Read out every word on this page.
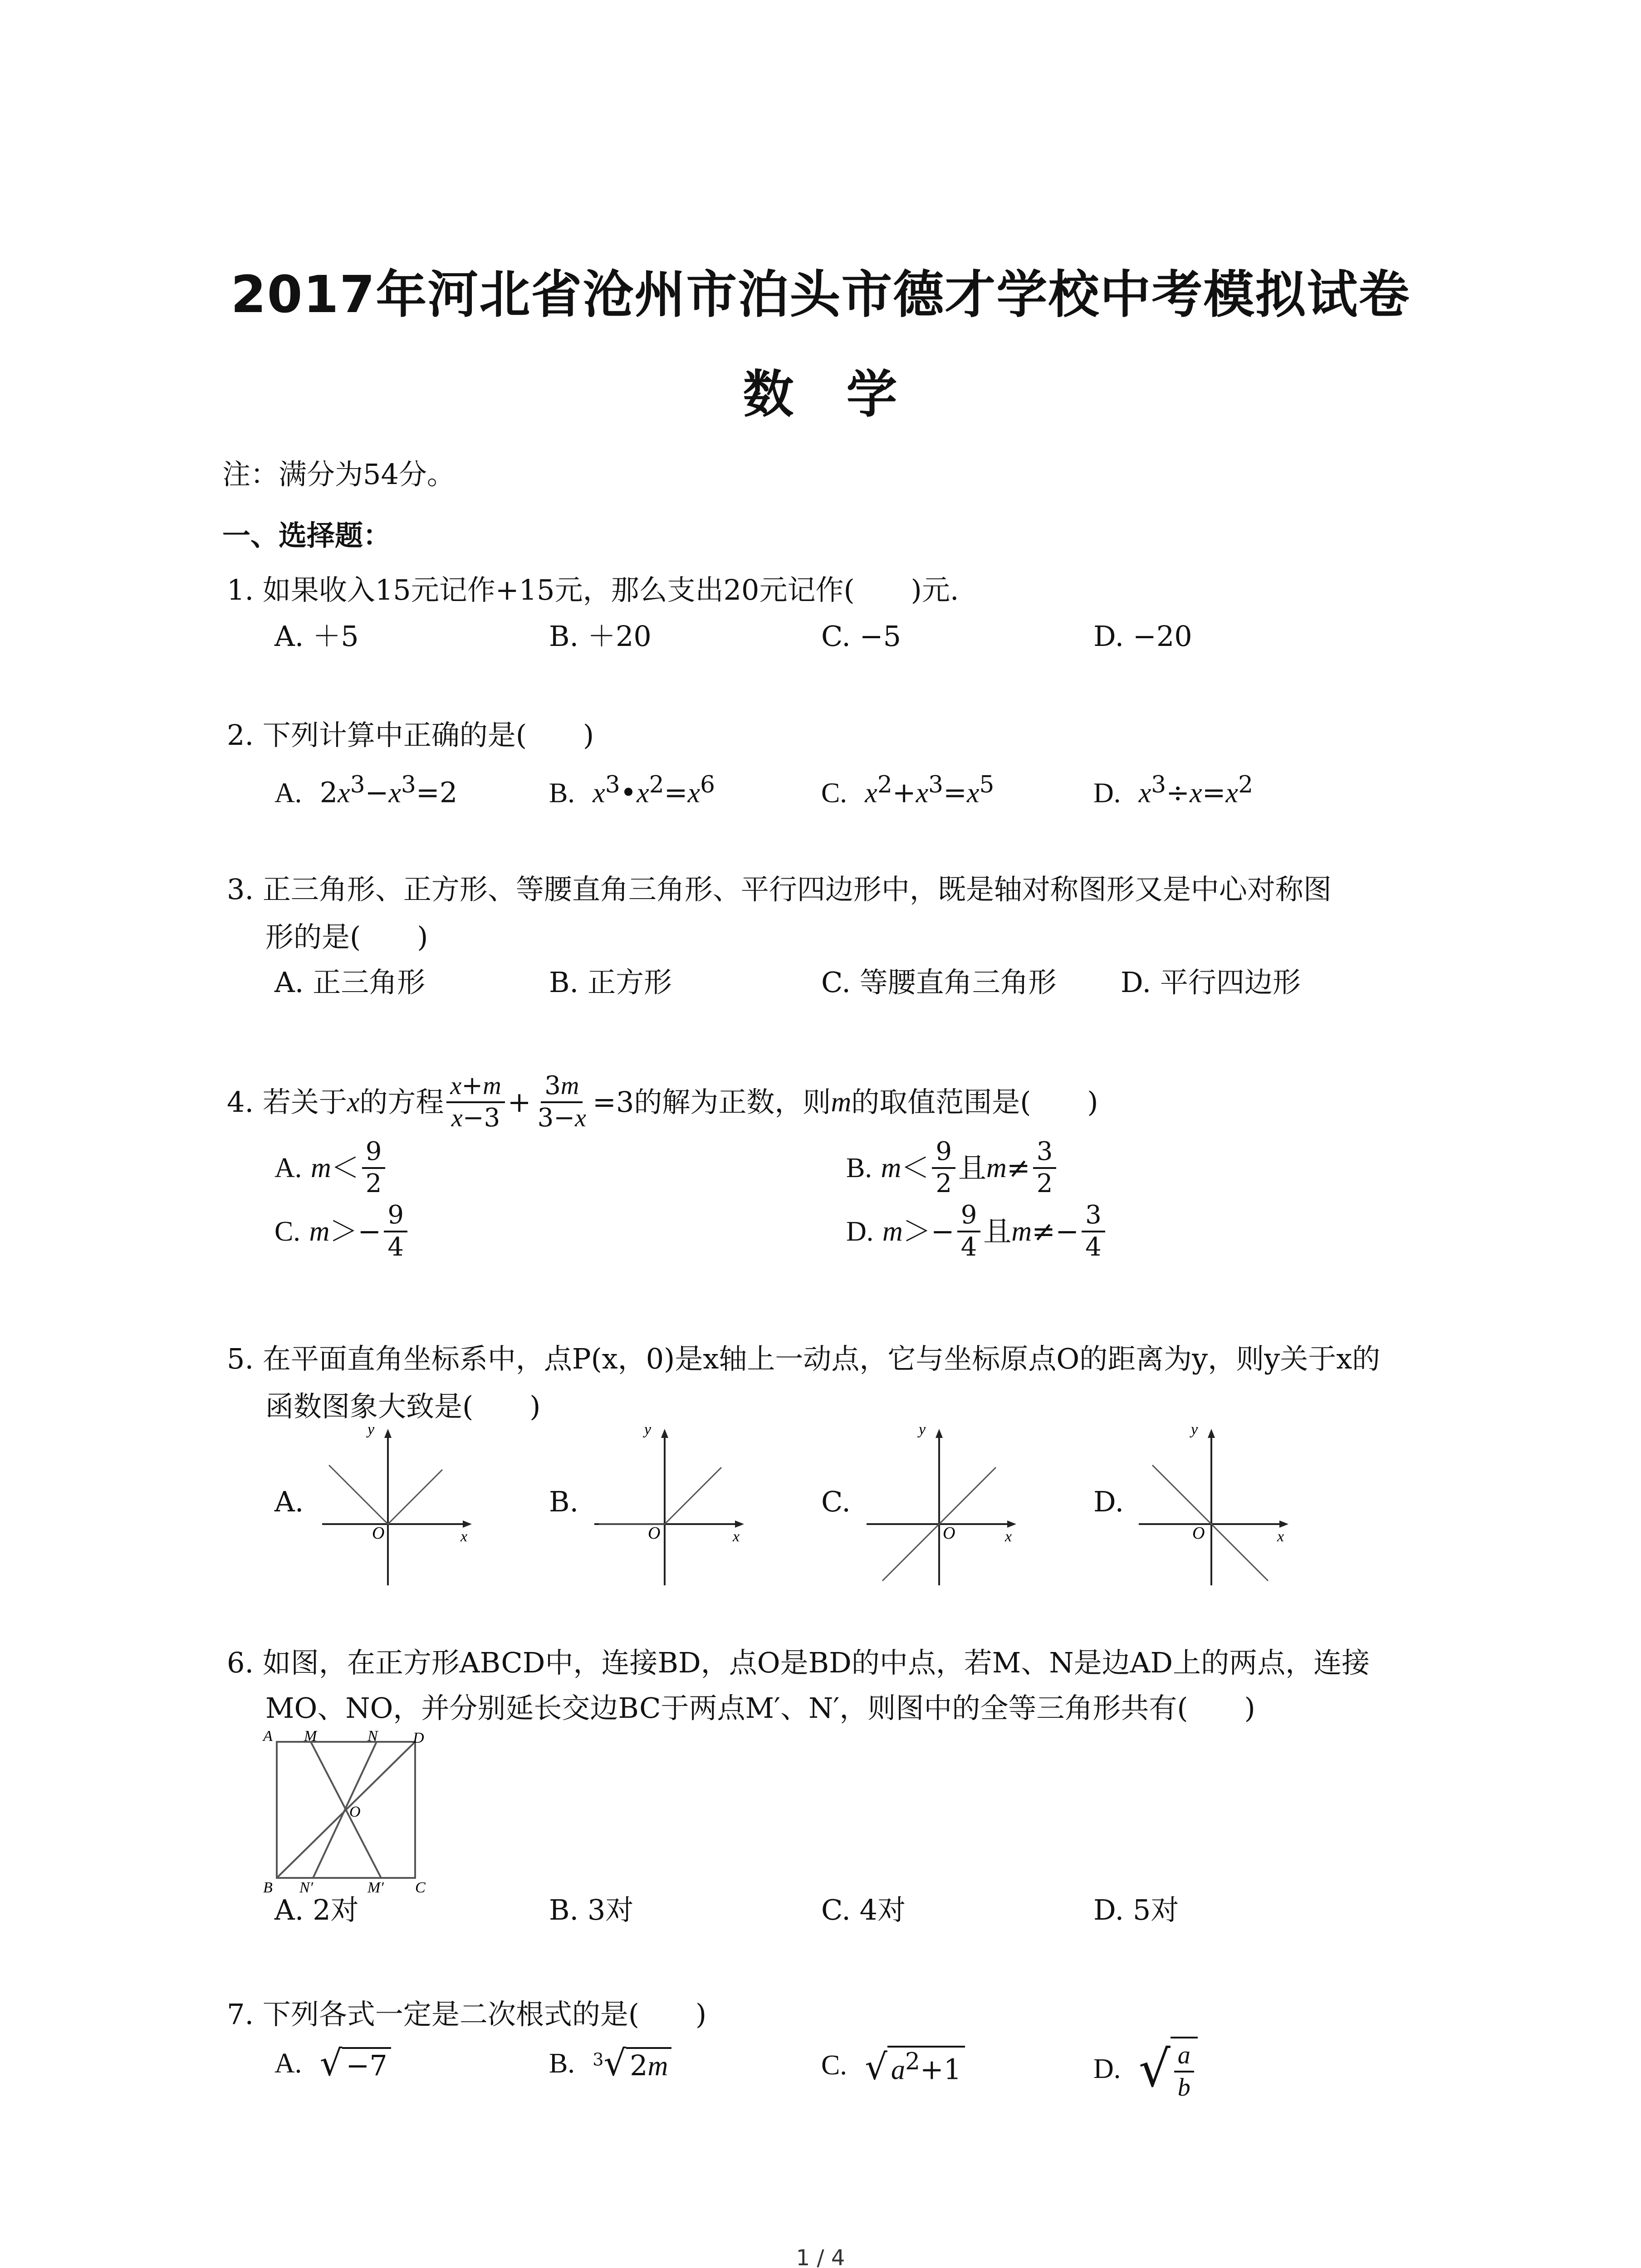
2017年河北省沧州市泊头市德才学校中考模拟试卷
数　学
注：满分为54分。
一、选择题：
1. 如果收入15元记作+15元，那么支出20元记作(　　)元.
A. ＋5	B. ＋20	C. −5	D. −20
2. 下列计算中正确的是(　　)
A.  $2x^3-x^3=2$	B. $x^3•x^2=x^6$	C. $x^2+x^3=x^5$	D. $x^3\div x=x^2$
3. 正三角形、正方形、等腰直角三角形、平行四边形中，既是轴对称图形又是中心对称图
形的是(　　)
A. 正三角形	B. 正方形	C. 等腰直角三角形 D. 平行四边形
4. 若关于 x 的方程 $\frac{x+m}{x-3} + \frac{3m}{3-x} =3$的解为正数，则 m 的取值范围是(　　)
A.
$m < \frac{9}{2}$	B.
$m < \frac{9}{2}$ 且 $m \ne \frac{3}{2}$
C.
$m >- \frac{9}{4}$	D.
$m >- \frac{9}{4}$ 且 $m \ne- \frac{3}{4}$
5. 在平面直角坐标系中，点P(x，0)是x轴上一动点，它与坐标原点O的距离为y，则y关于x的
函数图象大致是(　　)
A.	B.	C.	D.
O	x
y
O	x
y
O	x
y
O	x
y
6. 如图，在正方形ABCD中，连接BD，点O是BD的中点，若M、N是边AD上的两点，连接
MO、NO，并分别延长交边BC于两点M′、N′，则图中的全等三角形共有(　　)
A M	N D
O
B N′	M′ C
A. 2对	B. 3对	C. 4对	D. 5对
7. 下列各式一定是二次根式的是(　　)
A.
√ −7	B.
$^3$√ 2m	C.
√ $a^2+1$	D.
√ $\frac{a}{b}$
1 / 4
